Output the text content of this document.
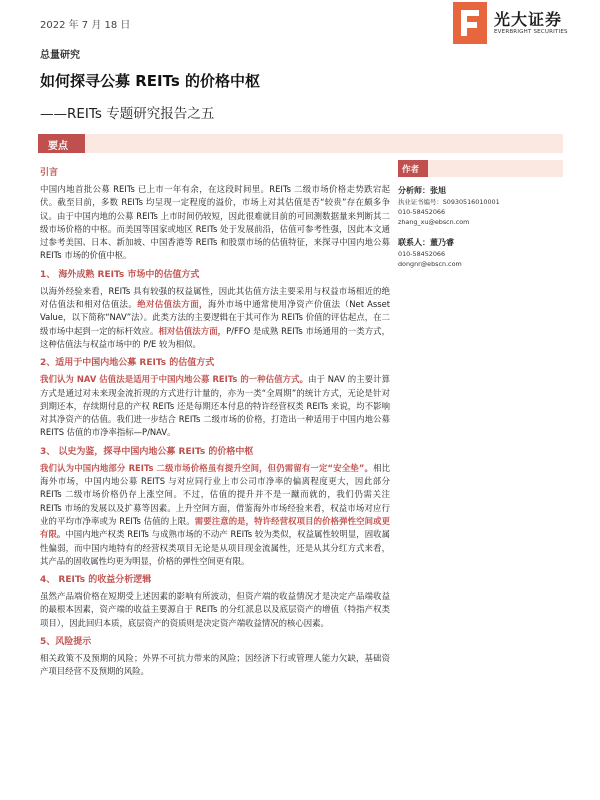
2022 年 7 月 18 日	光大证券
EVERBRIGHT SECURITIES
总量研究
如何探寻公募 REITs 的价格中枢
——REITs 专题研究报告之五
要点
引言

中国内地首批公募 REITs 已上市一年有余，在这段时间里。REITs 二级市场价格走势跌宕起伏。截至目前，多数 REITs 均呈现一定程度的溢价，市场上对其估值是否“较贵”存在颇多争议。由于中国内地的公募 REITs 上市时间仍较短，因此很难就目前的可回测数据量来判断其二级市场价格的中枢。而美国等国家或地区 REITs 处于发展前沿，估值可参考性强，因此本文通过参考美国、日本、新加坡、中国香港等 REITs 和股票市场的估值特征，来探寻中国内地公募 REITs 市场的价值中枢。

1、 海外成熟 REITs 市场中的估值方式

以海外经验来看，REITs 具有较强的权益属性，因此其估值方法主要采用与权益市场相近的绝对估值法和相对估值法。绝对估值法方面，海外市场中通常使用净资产价值法（Net Asset Value，以下简称“NAV”法）。此类方法的主要逻辑在于其可作为 REITs 价值的评估起点，在二级市场中起到一定的标杆效应。相对估值法方面，P/FFO 是成熟 REITs 市场通用的一类方式，这种估值法与权益市场中的 P/E 较为相似。

2、适用于中国内地公募 REITs 的估值方式

我们认为 NAV 估值法是适用于中国内地公募 REITs 的一种估值方式。由于 NAV 的主要计算方式是通过对未来现金流折现的方式进行计量的，亦为一类“全周期”的统计方式，无论是针对到期还本，存续期付息的产权 REITs 还是每期还本付息的特许经营权类 REITs 来说，均不影响对其净资产的估值。我们进一步结合 REITs 二级市场的价格，打造出一种适用于中国内地公募 REITS 估值的市净率指标—P/NAV。

3、 以史为鉴，探寻中国内地公募 REITs 的价格中枢

我们认为中国内地部分 REITs 二级市场价格虽有提升空间，但仍需留有一定“安全垫”。相比海外市场，中国内地公募 REITS 与对应同行业上市公司市净率的偏离程度更大，因此部分 REITs 二级市场价格仍存上涨空间。不过，估值的提升并不是一蹴而就的，我们仍需关注 REITs 市场的发展以及扩募等因素。上升空间方面，借鉴海外市场经验来看，权益市场对应行业的平均市净率或为 REITs 估值的上限。需要注意的是，特许经营权项目的价格弹性空间或更有限。中国内地产权类 REITs 与成熟市场的不动产 REITs 较为类似，权益属性较明显，固收属性偏弱，而中国内地特有的经营权类项目无论是从项目现金流属性，还是从其分红方式来看，其产品的固收属性均更为明显，价格的弹性空间更有限。

4、 REITs 的收益分析逻辑

虽然产品端价格在短期受上述因素的影响有所波动，但资产端的收益情况才是决定产品端收益的最根本因素，资产端的收益主要源自于 REITs 的分红派息以及底层资产的增值（特指产权类项目），因此回归本质，底层资产的资质则是决定资产端收益情况的核心因素。

5、风险提示

相关政策不及预期的风险；外界不可抗力带来的风险；因经济下行或管理人能力欠缺，基础资产项目经营不及预期的风险。

作者
分析师：张旭
执业证书编号：S0930516010001
010-58452066
zhang_xu@ebscn.com
联系人：董乃睿
010-58452066
dongnr@ebscn.com
